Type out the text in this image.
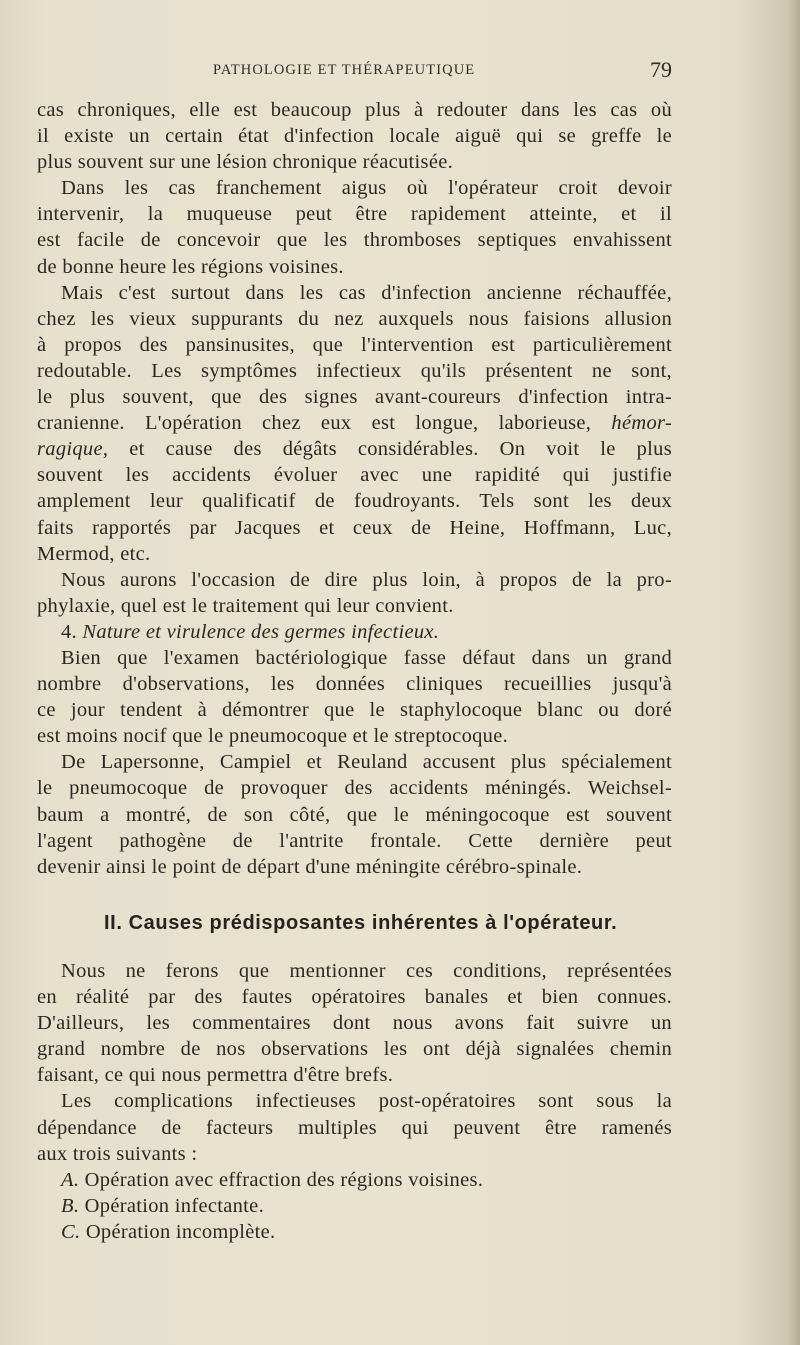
PATHOLOGIE ET THÉRAPEUTIQUE	79
cas chroniques, elle est beaucoup plus à redouter dans les cas où
il existe un certain état d'infection locale aiguë qui se greffe le
plus souvent sur une lésion chronique réacutisée.
Dans les cas franchement aigus où l'opérateur croit devoir
intervenir, la muqueuse peut être rapidement atteinte, et il
est facile de concevoir que les thromboses septiques envahissent
de bonne heure les régions voisines.
Mais c'est surtout dans les cas d'infection ancienne réchauffée,
chez les vieux suppurants du nez auxquels nous faisions allusion
à propos des pansinusites, que l'intervention est particulièrement
redoutable. Les symptômes infectieux qu'ils présentent ne sont,
le plus souvent, que des signes avant-coureurs d'infection intra-
cranienne. L'opération chez eux est longue, laborieuse, hémor-
ragique, et cause des dégâts considérables. On voit le plus
souvent les accidents évoluer avec une rapidité qui justifie
amplement leur qualificatif de foudroyants. Tels sont les deux
faits rapportés par Jacques et ceux de Heine, Hoffmann, Luc,
Mermod, etc.
Nous aurons l'occasion de dire plus loin, à propos de la pro-
phylaxie, quel est le traitement qui leur convient.
4. Nature et virulence des germes infectieux.
Bien que l'examen bactériologique fasse défaut dans un grand
nombre d'observations, les données cliniques recueillies jusqu'à
ce jour tendent à démontrer que le staphylocoque blanc ou doré
est moins nocif que le pneumocoque et le streptocoque.
De Lapersonne, Campiel et Reuland accusent plus spécialement
le pneumocoque de provoquer des accidents méningés. Weichsel-
baum a montré, de son côté, que le méningocoque est souvent
l'agent pathogène de l'antrite frontale. Cette dernière peut
devenir ainsi le point de départ d'une méningite cérébro-spinale.
II. Causes prédisposantes inhérentes à l'opérateur.
Nous ne ferons que mentionner ces conditions, représentées
en réalité par des fautes opératoires banales et bien connues.
D'ailleurs, les commentaires dont nous avons fait suivre un
grand nombre de nos observations les ont déjà signalées chemin
faisant, ce qui nous permettra d'être brefs.
Les complications infectieuses post-opératoires sont sous la
dépendance de facteurs multiples qui peuvent être ramenés
aux trois suivants :
A. Opération avec effraction des régions voisines.
B. Opération infectante.
C. Opération incomplète.
